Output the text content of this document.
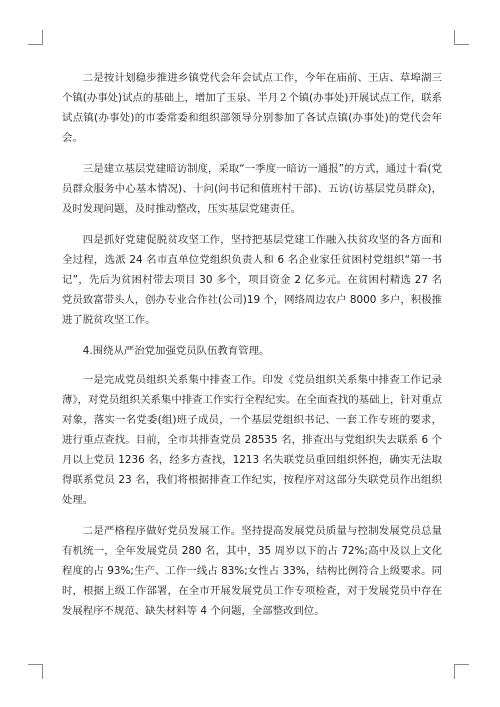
二是按计划稳步推进乡镇党代会年会试点工作，今年在庙前、王店、草埠湖三个镇(办事处)试点的基础上，增加了玉泉、半月２个镇(办事处)开展试点工作，联系试点镇(办事处)的市委常委和组织部领导分别参加了各试点镇(办事处)的党代会年会。

三是建立基层党建暗访制度，采取“一季度一暗访一通报”的方式，通过十看(党员群众服务中心基本情况)、十问(问书记和值班村干部)、五访(访基层党员群众)，及时发现问题，及时推动整改，压实基层党建责任。

四是抓好党建促脱贫攻坚工作，坚持把基层党建工作融入扶贫攻坚的各方面和全过程，选派 24 名市直单位党组织负责人和 6 名企业家任贫困村党组织“第一书记”，先后为贫困村带去项目 30 多个，项目资金 2 亿多元。在贫困村精选 27 名党员致富带头人，创办专业合作社(公司)19 个，网络周边农户 8000 多户，积极推进了脱贫攻坚工作。

4.围绕从严治党加强党员队伍教育管理。

一是完成党员组织关系集中排查工作。印发《党员组织关系集中排查工作记录薄》，对党员组织关系集中排查工作实行全程纪实。在全面查找的基础上，针对重点对象，落实一名党委(组)班子成员，一个基层党组织书记、一套工作专班的要求，进行重点查找。目前，全市共排查党员 28535 名，排查出与党组织失去联系 6 个月以上党员 1236 名，经多方查找，1213 名失联党员重回组织怀抱，确实无法取得联系党员 23 名，我们将根据排查工作纪实，按程序对这部分失联党员作出组织处理。

二是严格程序做好党员发展工作。坚持提高发展党员质量与控制发展党员总量有机统一，全年发展党员 280 名，其中，35 周岁以下的占 72%;高中及以上文化程度的占 93%;生产、工作一线占 83%;女性占 33%，结构比例符合上级要求。同时，根据上级工作部署，在全市开展发展党员工作专项检查，对于发展党员中存在发展程序不规范、缺失材料等 4 个问题，全部整改到位。
